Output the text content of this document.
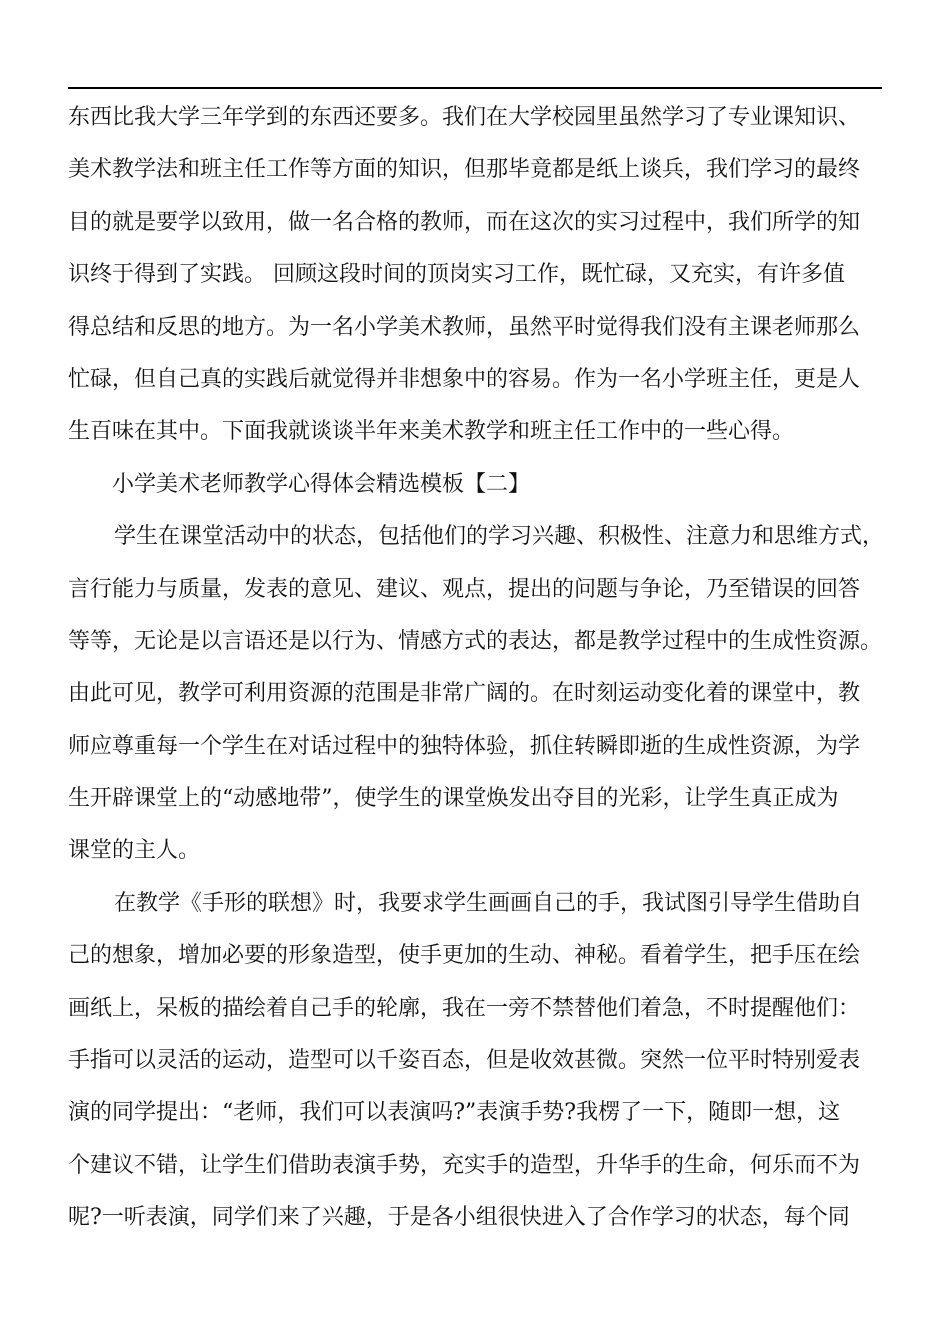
东西比我大学三年学到的东西还要多。我们在大学校园里虽然学习了专业课知识、
美术教学法和班主任工作等方面的知识，但那毕竟都是纸上谈兵，我们学习的最终
目的就是要学以致用，做一名合格的教师，而在这次的实习过程中，我们所学的知
识终于得到了实践。 回顾这段时间的顶岗实习工作，既忙碌，又充实，有许多值
得总结和反思的地方。为一名小学美术教师，虽然平时觉得我们没有主课老师那么
忙碌，但自己真的实践后就觉得并非想象中的容易。作为一名小学班主任，更是人
生百味在其中。下面我就谈谈半年来美术教学和班主任工作中的一些心得。
小学美术老师教学心得体会精选模板【二】
学生在课堂活动中的状态，包括他们的学习兴趣、积极性、注意力和思维方式，
言行能力与质量，发表的意见、建议、观点，提出的问题与争论，乃至错误的回答
等等，无论是以言语还是以行为、情感方式的表达，都是教学过程中的生成性资源。
由此可见，教学可利用资源的范围是非常广阔的。在时刻运动变化着的课堂中，教
师应尊重每一个学生在对话过程中的独特体验，抓住转瞬即逝的生成性资源，为学
生开辟课堂上的“动感地带”，使学生的课堂焕发出夺目的光彩，让学生真正成为
课堂的主人。
在教学《手形的联想》时，我要求学生画画自己的手，我试图引导学生借助自
己的想象，增加必要的形象造型，使手更加的生动、神秘。看着学生，把手压在绘
画纸上，呆板的描绘着自己手的轮廓，我在一旁不禁替他们着急，不时提醒他们：
手指可以灵活的运动，造型可以千姿百态，但是收效甚微。突然一位平时特别爱表
演的同学提出：“老师，我们可以表演吗?”表演手势?我楞了一下，随即一想，这
个建议不错，让学生们借助表演手势，充实手的造型，升华手的生命，何乐而不为
呢?一听表演，同学们来了兴趣，于是各小组很快进入了合作学习的状态，每个同
